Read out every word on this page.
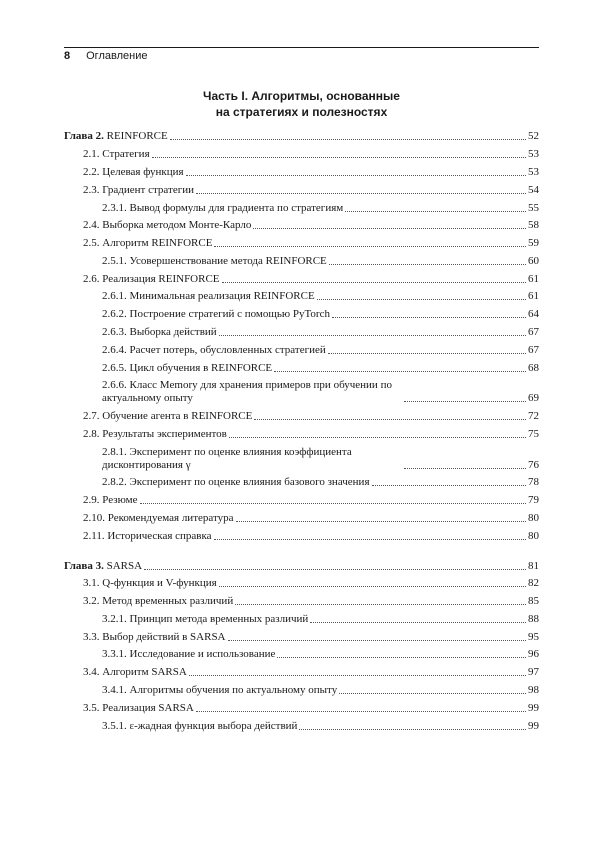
8 Оглавление
Часть I. Алгоритмы, основанные
на стратегиях и полезностях
Глава 2. REINFORCE	52
2.1. Стратегия	53
2.2. Целевая функция	53
2.3. Градиент стратегии	54
2.3.1. Вывод формулы для градиента по стратегиям	55
2.4. Выборка методом Монте-Карло	58
2.5. Алгоритм REINFORCE	59
2.5.1. Усовершенствование метода REINFORCE	60
2.6. Реализация REINFORCE	61
2.6.1. Минимальная реализация REINFORCE	61
2.6.2. Построение стратегий с помощью PyTorch	64
2.6.3. Выборка действий	67
2.6.4. Расчет потерь, обусловленных стратегией	67
2.6.5. Цикл обучения в REINFORCE	68
2.6.6. Класс Memory для хранения примеров при обучении по актуальному опыту	69
2.7. Обучение агента в REINFORCE	72
2.8. Результаты экспериментов	75
2.8.1. Эксперимент по оценке влияния коэффициента дисконтирования γ	76
2.8.2. Эксперимент по оценке влияния базового значения	78
2.9. Резюме	79
2.10. Рекомендуемая литература	80
2.11. Историческая справка	80
Глава 3. SARSA	81
3.1. Q-функция и V-функция	82
3.2. Метод временных различий	85
3.2.1. Принцип метода временных различий	88
3.3. Выбор действий в SARSA	95
3.3.1. Исследование и использование	96
3.4. Алгоритм SARSA	97
3.4.1. Алгоритмы обучения по актуальному опыту	98
3.5. Реализация SARSA	99
3.5.1. ε-жадная функция выбора действий	99
